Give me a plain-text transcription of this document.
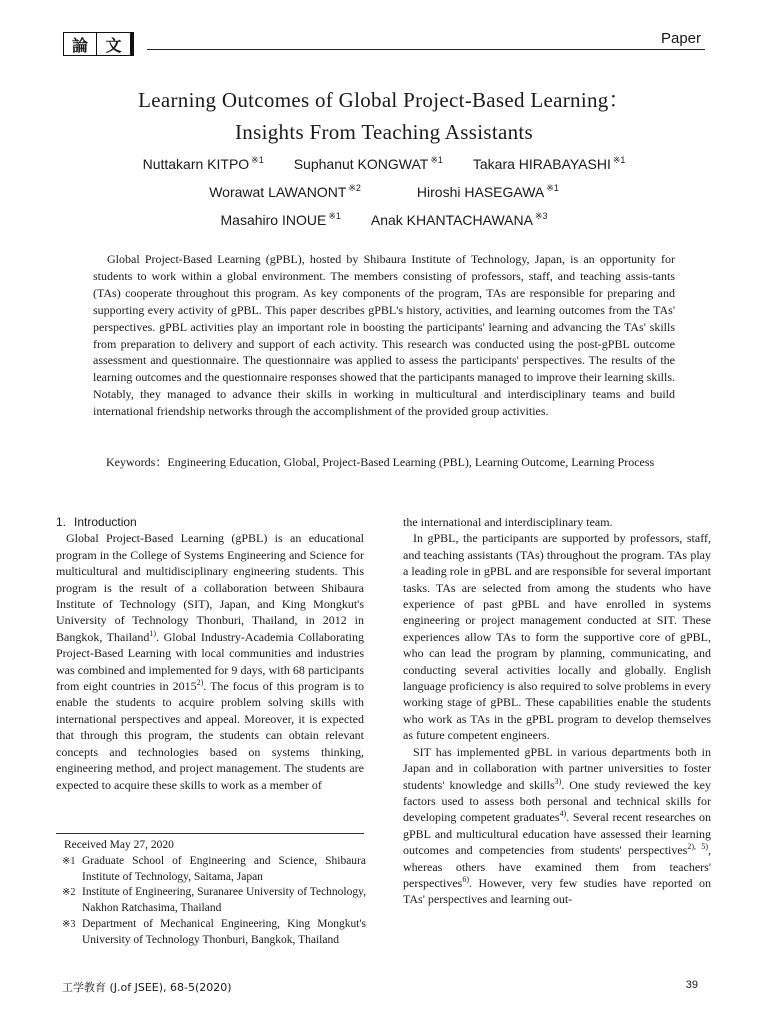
論	文	Paper
Learning Outcomes of Global Project-Based Learning：
Insights From Teaching Assistants
Nuttakarn KITPO $^{※1}$ Suphanut KONGWAT $^{※1}$ Takara HIRABAYASHI $^{※1}$
Worawat LAWANONT $^{※2}$	Hiroshi HASEGAWA $^{※1}$
Masahiro INOUE $^{※1}$ Anak KHANTACHAWANA $^{※3}$

Global Project-Based Learning (gPBL), hosted by Shibaura Institute of Technology, Japan, is an opportunity for students to work within a global environment. The members consisting of professors, staff, and teaching assis-tants (TAs) cooperate throughout this program. As key components of the program, TAs are responsible for preparing and supporting every activity of gPBL. This paper describes gPBL's history, activities, and learning outcomes from the TAs' perspectives. gPBL activities play an important role in boosting the participants' learning and advancing the TAs' skills from preparation to delivery and support of each activity. This research was conducted using the post-gPBL outcome assessment and questionnaire. The questionnaire was applied to assess the participants' perspectives. The results of the learning outcomes and the questionnaire responses showed that the participants managed to improve their learning skills. Notably, they managed to advance their skills in working in multicultural and interdisciplinary teams and build international friendship networks through the accomplishment of the provided group activities.

Keywords： Engineering Education, Global, Project-Based Learning (PBL), Learning Outcome, Learning Process

1. Introduction

Global Project-Based Learning (gPBL) is an educational program in the College of Systems Engineering and Science for multicultural and multidisciplinary engineering students. This program is the result of a collaboration between Shibaura Institute of Technology (SIT), Japan, and King Mongkut's University of Technology Thonburi, Thailand, in 2012 in Bangkok, Thailand$^{1)}$. Global Industry-Academia Collaborating Project-Based Learning with local communities and industries was combined and implemented for 9 days, with 68 participants from eight countries in 2015$^{2)}$. The focus of this program is to enable the students to acquire problem solving skills with international perspectives and appeal. Moreover, it is expected that through this program, the students can obtain relevant concepts and technologies based on systems thinking, engineering method, and project management. The students are expected to acquire these skills to work as a member of

the international and interdisciplinary team.

In gPBL, the participants are supported by professors, staff, and teaching assistants (TAs) throughout the program. TAs play a leading role in gPBL and are responsible for several important tasks. TAs are selected from among the students who have experience of past gPBL and have enrolled in systems engineering or project management conducted at SIT. These experiences allow TAs to form the supportive core of gPBL, who can lead the program by planning, communicating, and conducting several activities locally and globally. English language proficiency is also required to solve problems in every working stage of gPBL. These capabilities enable the students who work as TAs in the gPBL program to develop themselves as future competent engineers.

SIT has implemented gPBL in various departments both in Japan and in collaboration with partner universities to foster students' knowledge and skills$^{3)}$. One study reviewed the key factors used to assess both personal and technical skills for developing competent graduates$^{4)}$. Several recent researches on gPBL and multicultural education have assessed their learning outcomes and competencies from students' perspectives$^{2), 5)}$, whereas others have examined them from teachers' perspectives$^{6)}$. However, very few studies have reported on TAs' perspectives and learning out-

Received May 27, 2020
※1 Graduate School of Engineering and Science, Shibaura Institute of Technology, Saitama, Japan
※2 Institute of Engineering, Suranaree University of Technology, Nakhon Ratchasima, Thailand
※3 Department of Mechanical Engineering, King Mongkut's University of Technology Thonburi, Bangkok, Thailand
工学教育 (J.of JSEE), 68-5(2020)	39
